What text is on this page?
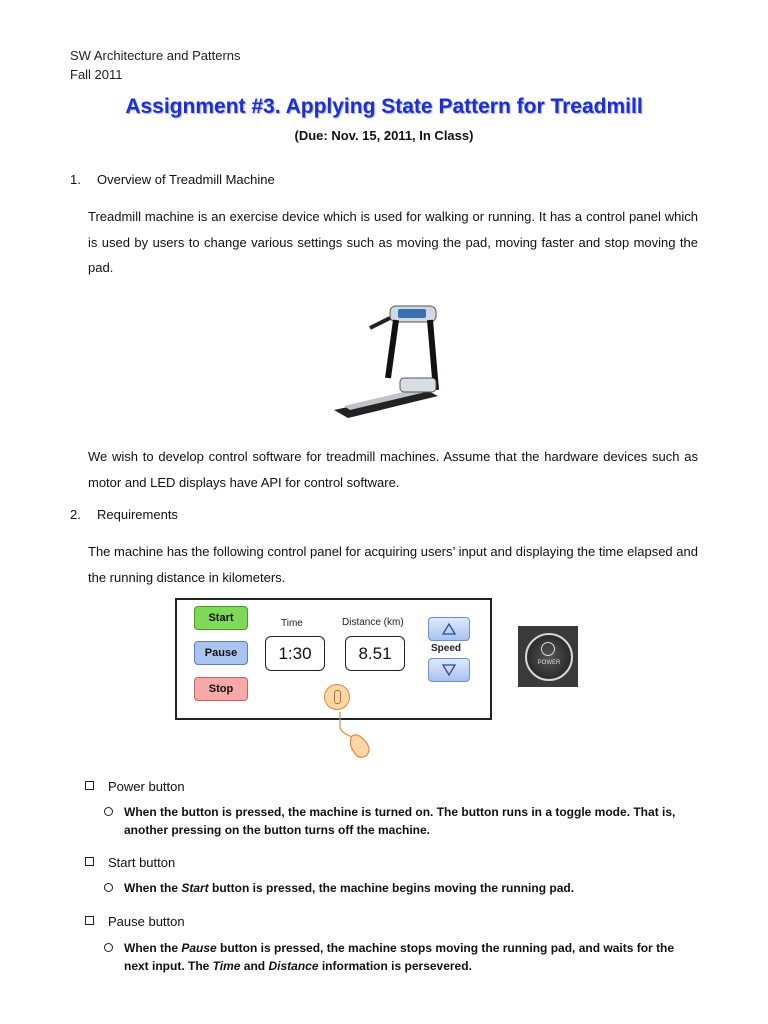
SW Architecture and Patterns
Fall 2011
Assignment #3. Applying State Pattern for Treadmill
(Due: Nov. 15, 2011, In Class)
1. Overview of Treadmill Machine
Treadmill machine is an exercise device which is used for walking or running. It has a control panel which is used by users to change various settings such as moving the pad, moving faster and stop moving the pad.
We wish to develop control software for treadmill machines. Assume that the hardware devices such as motor and LED displays have API for control software.
2. Requirements
The machine has the following control panel for acquiring users’ input and displaying the time elapsed and the running distance in kilometers.
Start
Pause
Stop
Time
1:30
Distance (km)
8.51	Speed
POWER
Power button
When the button is pressed, the machine is turned on. The button runs in a toggle mode. That is, another pressing on the button turns off the machine.
Start button
When the Start button is pressed, the machine begins moving the running pad.
Pause button
When the Pause button is pressed, the machine stops moving the running pad, and waits for the next input. The Time and Distance information is persevered.
